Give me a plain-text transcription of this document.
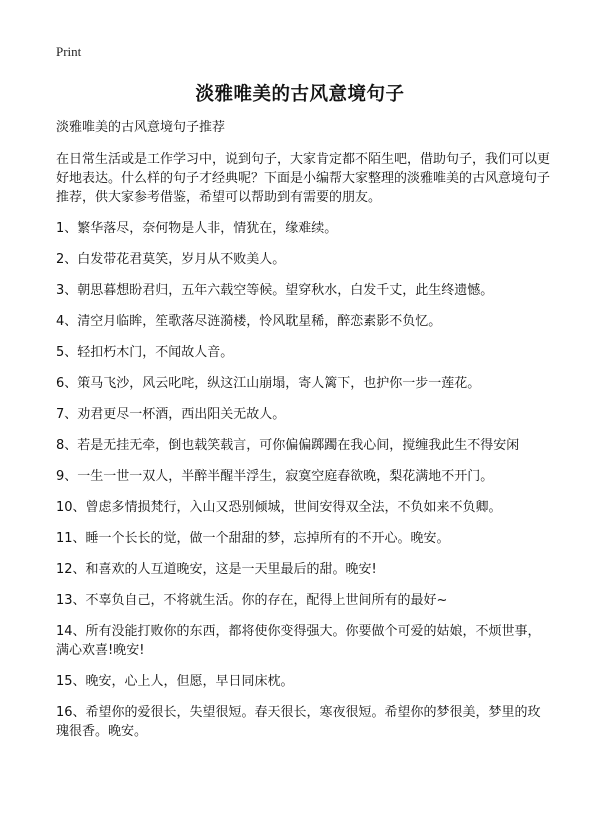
Print
淡雅唯美的古风意境句子
淡雅唯美的古风意境句子推荐
在日常生活或是工作学习中，说到句子，大家肯定都不陌生吧，借助句子，我们可以更好地表达。什么样的句子才经典呢？下面是小编帮大家整理的淡雅唯美的古风意境句子推荐，供大家参考借鉴，希望可以帮助到有需要的朋友。
1、繁华落尽，奈何物是人非，情犹在，缘难续。
2、白发带花君莫笑，岁月从不败美人。
3、朝思暮想盼君归，五年六载空等候。望穿秋水，白发千丈，此生终遗憾。
4、清空月临眸，笙歌落尽涟漪楼，怜风耽星稀，醉恋素影不负忆。
5、轻扣朽木门，不闻故人音。
6、策马飞沙，风云叱咤，纵这江山崩塌，寄人篱下，也护你一步一莲花。
7、劝君更尽一杯酒，西出阳关无故人。
8、若是无挂无牵，倒也载笑载言，可你偏偏踯躅在我心间，搅缠我此生不得安闲
9、一生一世一双人，半醉半醒半浮生，寂寞空庭春欲晚，梨花满地不开门。
10、曾虑多情损梵行，入山又恐别倾城，世间安得双全法，不负如来不负卿。
11、睡一个长长的觉，做一个甜甜的梦，忘掉所有的不开心。晚安。
12、和喜欢的人互道晚安，这是一天里最后的甜。晚安!
13、不辜负自己，不将就生活。你的存在，配得上世间所有的最好~
14、所有没能打败你的东西，都将使你变得强大。你要做个可爱的姑娘，不烦世事，满心欢喜!晚安!
15、晚安，心上人，但愿，早日同床枕。
16、希望你的爱很长，失望很短。春天很长，寒夜很短。希望你的梦很美，梦里的玫瑰很香。晚安。
